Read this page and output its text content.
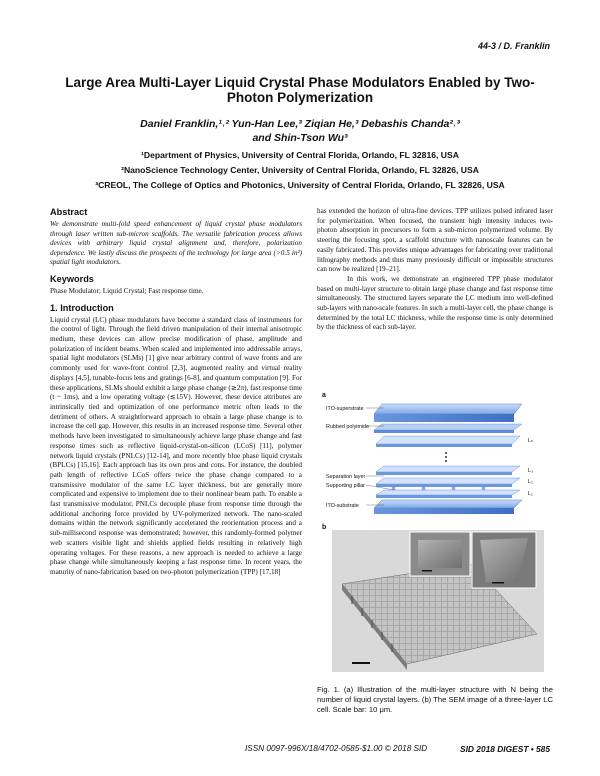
44-3 / D. Franklin
Large Area Multi-Layer Liquid Crystal Phase Modulators Enabled by Two-Photon Polymerization
Daniel Franklin,¹˒² Yun-Han Lee,³ Ziqian He,³ Debashis Chanda²˒³
and Shin-Tson Wu³
¹Department of Physics, University of Central Florida, Orlando, FL 32816, USA
²NanoScience Technology Center, University of Central Florida, Orlando, FL 32826, USA
³CREOL, The College of Optics and Photonics, University of Central Florida, Orlando, FL 32826, USA
Abstract

We demonstrate multi-fold speed enhancement of liquid crystal phase modulators through laser written sub-micron scaffolds. The versatile fabrication process allows devices with arbitrary liquid crystal alignment and, therefore, polarization dependence. We lastly discuss the prospects of the technology for large area (>0.5 in²) spatial light modulators.

Keywords

Phase Modulator; Liquid Crystal; Fast response time.

1. Introduction

Liquid crystal (LC) phase modulators have become a standard class of instruments for the control of light. Through the field driven manipulation of their internal anisotropic medium, these devices can allow precise modification of phase, amplitude and polarization of incident beams. When scaled and implemented into addressable arrays, spatial light modulators (SLMs) [1] give near arbitrary control of wave fronts and are commonly used for wave-front control [2,3], augmented reality and virtual reality displays [4,5], tunable-focus lens and gratings [6-8], and quantum computation [9]. For these applications, SLMs should exhibit a large phase change (≳2π), fast response time (t ~ 1ms), and a low operating voltage (≲15V). However, these device attributes are intrinsically tied and optimization of one performance metric often leads to the detriment of others. A straightforward approach to obtain a large phase change is to increase the cell gap. However, this results in an increased response time. Several other methods have been investigated to simultaneously achieve large phase change and fast response times such as reflective liquid-crystal-on-silicon (LCoS) [11], polymer network liquid crystals (PNLCs) [12-14], and more recently blue phase liquid crystals (BPLCs) [15,16]. Each approach has its own pros and cons. For instance, the doubled path length of reflective LCoS offers twice the phase change compared to a transmissive modulator of the same LC layer thickness, but are generally more complicated and expensive to implement due to their nonlinear beam path. To enable a fast transmissive modulator, PNLCs decouple phase from response time through the additional anchoring force provided by UV-polymerized network. The nano-scaled domains within the network significantly accelerated the reorientation process and a sub-millisecond response was demonstrated; however, this randomly-formed polymer web scatters visible light and shields applied fields resulting in relatively high operating voltages. For these reasons, a new approach is needed to achieve a large phase change while simultaneously keeping a fast response time. In recent years, the maturity of nano-fabrication based on two-photon polymerization (TPP) [17,18]

has extended the horizon of ultra-fine devices. TPP utilizes pulsed infrared laser for polymerization. When focused, the transient high intensity induces two-photon absorption in precursors to form a sub-micron polymerized volume. By steering the focusing spot, a scaffold structure with nanoscale features can be easily fabricated. This provides unique advantages for fabricating over traditional lithography methods and thus many previously difficult or impossible structures can now be realized [19–21].

In this work, we demonstrate an engineered TPP phase modulator based on multi-layer structure to obtain large phase change and fast response time simultaneously. The structured layers separate the LC medium into well-defined sub-layers with nano-scale features. In such a multi-layer cell, the phase change is determined by the total LC thickness, while the response time is only determined by the thickness of each sub-layer.

a
ITO-superstrate
Rubbed polyimide
Separation layer
Supporting pillar
ITO-substrate
Lₙ
L₃
L₂
L₁
b
Fig. 1. (a) Illustration of the multi-layer structure with N being the number of liquid crystal layers. (b) The SEM image of a three-layer LC cell. Scale bar: 10 μm.
ISSN 0097-996X/18/4702-0585-$1.00 © 2018 SID	SID 2018 DIGEST • 585
